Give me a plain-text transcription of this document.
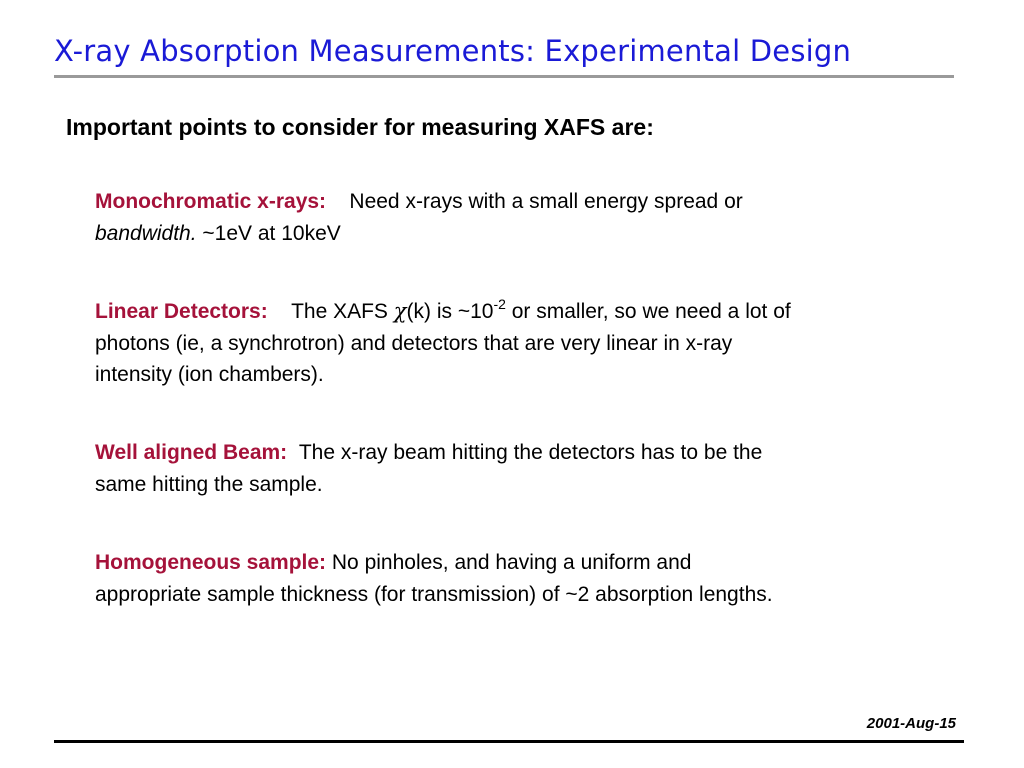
X-ray Absorption Measurements: Experimental Design
Important points to consider for measuring XAFS are:
Monochromatic x-rays: Need x-rays with a small energy spread or bandwidth. ~1eV at 10keV
Linear Detectors: The XAFS χ(k) is $\sim 10^{-2}$ or smaller, so we need a lot of photons (ie, a synchrotron) and detectors that are very linear in x-ray intensity (ion chambers).
Well aligned Beam: The x-ray beam hitting the detectors has to be the same hitting the sample.
Homogeneous sample: No pinholes, and having a uniform and appropriate sample thickness (for transmission) of ~2 absorption lengths.
2001-Aug-15
